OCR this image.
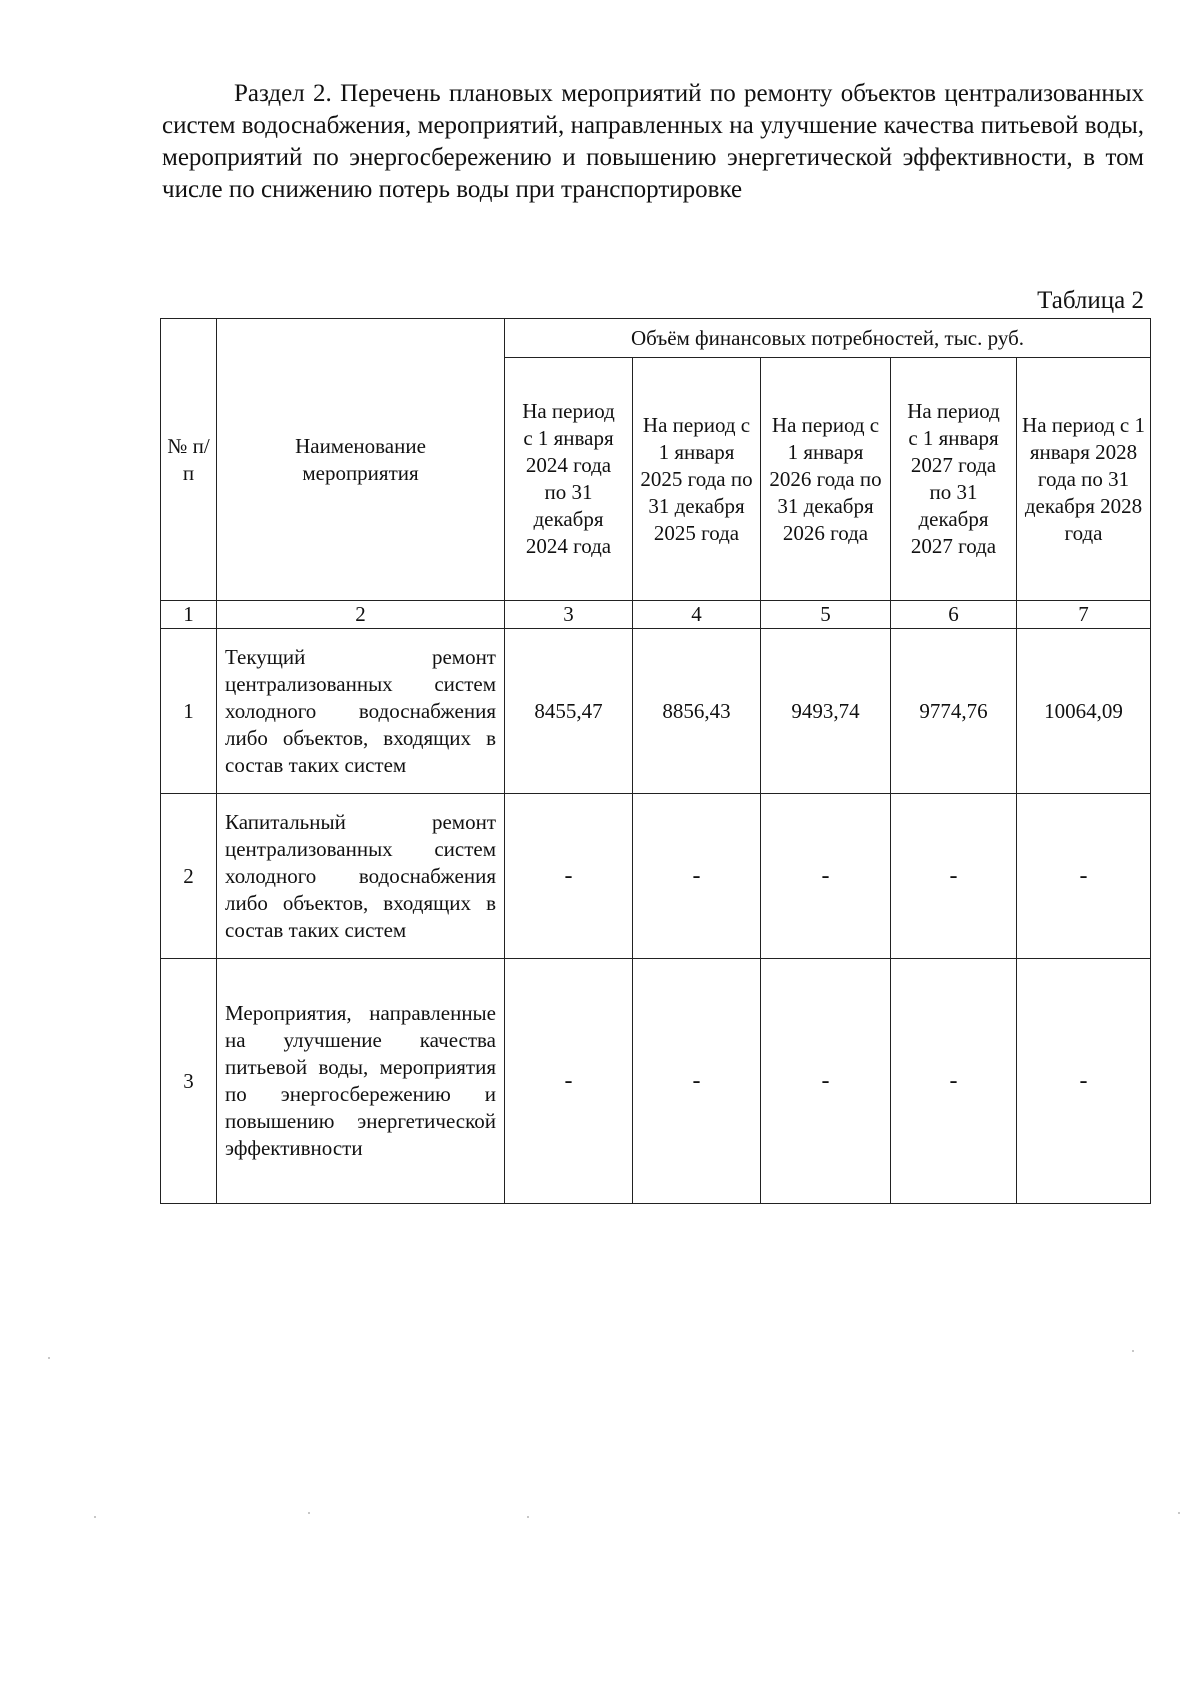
Раздел 2. Перечень плановых мероприятий по ремонту объектов централизованных систем водоснабжения, мероприятий, направленных на улучшение качества питьевой воды, мероприятий по энергосбережению и повышению энергетической эффективности, в том числе по снижению потерь воды при транспортировке

Таблица 2

№ п/п	Наименование мероприятия	Объём финансовых потребностей, тыс. руб.				
		На период с 1 января 2024 года по 31 декабря 2024 года	На период с 1 января 2025 года по 31 декабря 2025 года	На период с 1 января 2026 года по 31 декабря 2026 года	На период с 1 января 2027 года по 31 декабря 2027 года	На период с 1 января 2028 года по 31 декабря 2028 года
1	2	3	4	5	6	7
1	Текущий ремонт централизованных систем холодного водоснабжения либо объектов, входящих в состав таких систем	8455,47	8856,43	9493,74	9774,76	10064,09
2	Капитальный ремонт централизованных систем холодного водоснабжения либо объектов, входящих в состав таких систем	-	-	-	-	-
3	Мероприятия, направленные на улучшение качества питьевой воды, мероприятия по энергосбережению и повышению энергетической эффективности	-	-	-	-	-
